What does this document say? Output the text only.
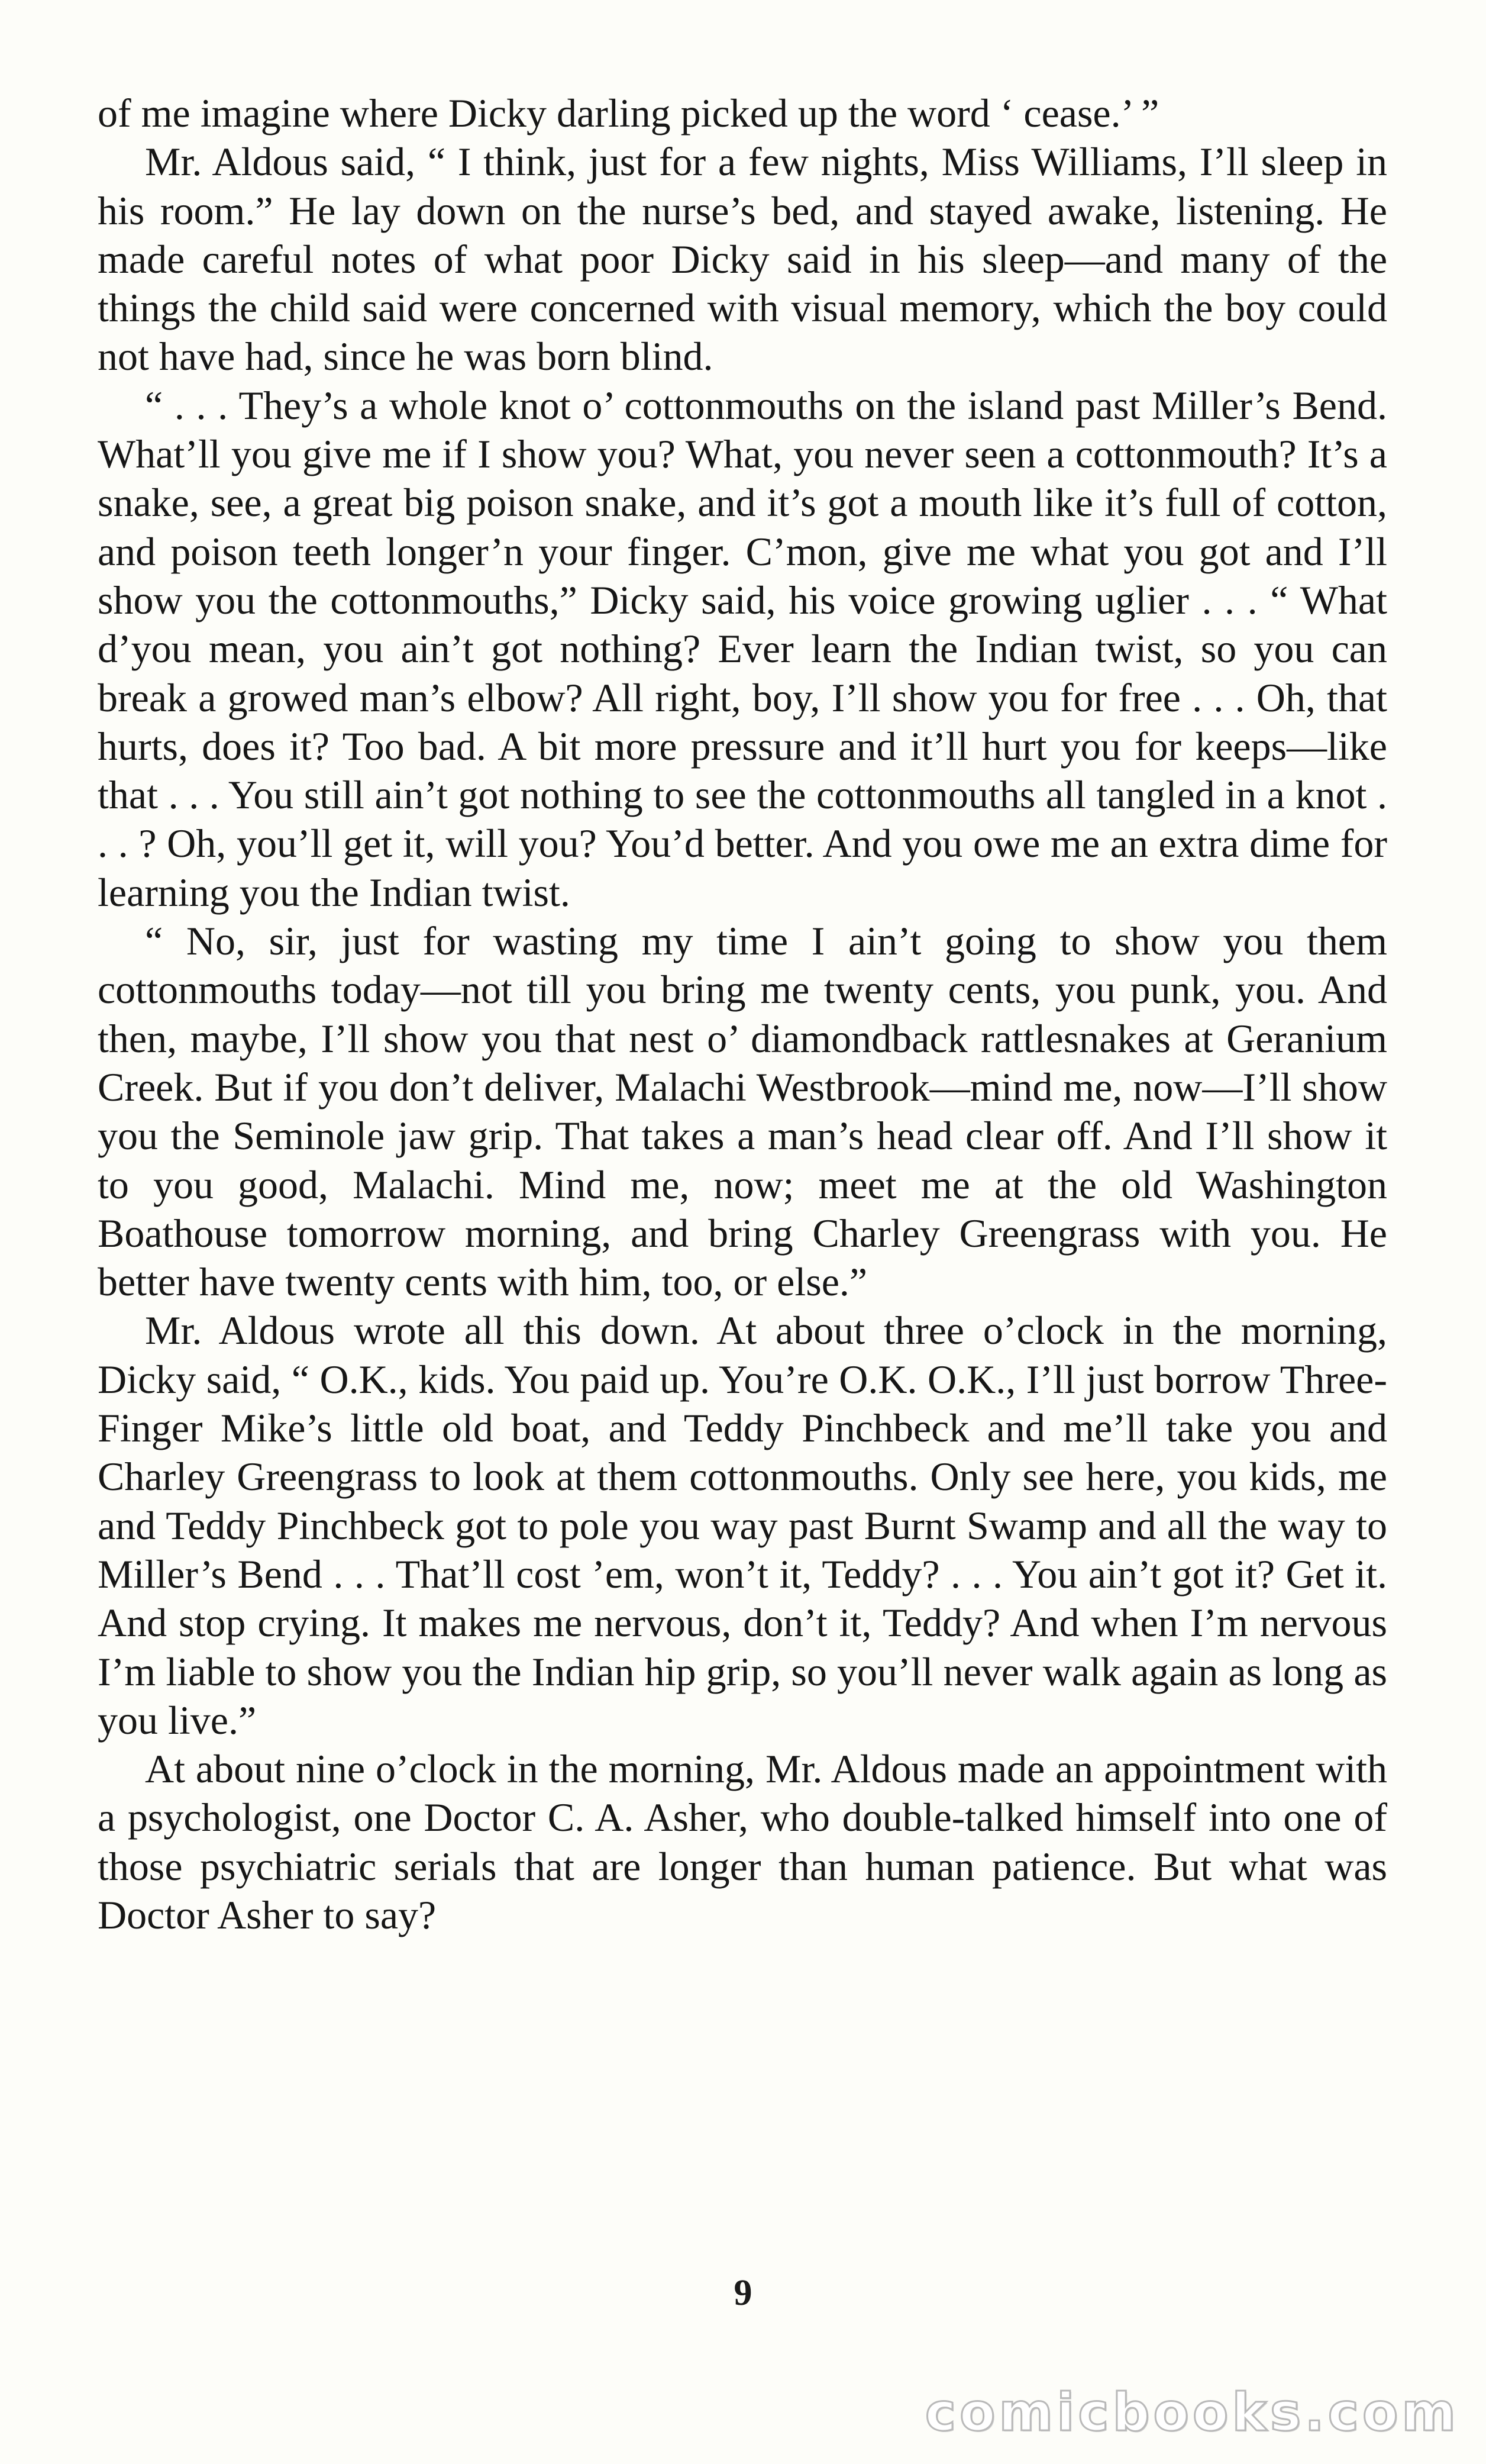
of me imagine where Dicky darling picked up the word ‘ cease.’ ”

Mr. Aldous said, “ I think, just for a few nights, Miss Williams, I’ll sleep in his room.” He lay down on the nurse’s bed, and stayed awake, listening. He made careful notes of what poor Dicky said in his sleep—and many of the things the child said were concerned with visual memory, which the boy could not have had, since he was born blind.

“ . . . They’s a whole knot o’ cottonmouths on the island past Miller’s Bend. What’ll you give me if I show you? What, you never seen a cottonmouth? It’s a snake, see, a great big poison snake, and it’s got a mouth like it’s full of cotton, and poison teeth longer’n your finger. C’mon, give me what you got and I’ll show you the cottonmouths,” Dicky said, his voice growing uglier . . . “ What d’you mean, you ain’t got nothing? Ever learn the Indian twist, so you can break a growed man’s elbow? All right, boy, I’ll show you for free . . . Oh, that hurts, does it? Too bad. A bit more pressure and it’ll hurt you for keeps—like that . . . You still ain’t got nothing to see the cottonmouths all tangled in a knot . . . ? Oh, you’ll get it, will you? You’d better. And you owe me an extra dime for learning you the Indian twist.

“ No, sir, just for wasting my time I ain’t going to show you them cottonmouths today—not till you bring me twenty cents, you punk, you. And then, maybe, I’ll show you that nest o’ diamondback rattlesnakes at Geranium Creek. But if you don’t deliver, Malachi Westbrook—mind me, now—I’ll show you the Seminole jaw grip. That takes a man’s head clear off. And I’ll show it to you good, Malachi. Mind me, now; meet me at the old Washington Boathouse tomorrow morning, and bring Charley Greengrass with you. He better have twenty cents with him, too, or else.”

Mr. Aldous wrote all this down. At about three o’clock in the morning, Dicky said, “ O.K., kids. You paid up. You’re O.K. O.K., I’ll just borrow Three-Finger Mike’s little old boat, and Teddy Pinchbeck and me’ll take you and Charley Greengrass to look at them cottonmouths. Only see here, you kids, me and Teddy Pinchbeck got to pole you way past Burnt Swamp and all the way to Miller’s Bend . . . That’ll cost ’em, won’t it, Teddy? . . . You ain’t got it? Get it. And stop crying. It makes me nervous, don’t it, Teddy? And when I’m nervous I’m liable to show you the Indian hip grip, so you’ll never walk again as long as you live.”

At about nine o’clock in the morning, Mr. Aldous made an appointment with a psychologist, one Doctor C. A. Asher, who double-talked himself into one of those psychiatric serials that are longer than human patience. But what was Doctor Asher to say?

9
comicbooks.com
